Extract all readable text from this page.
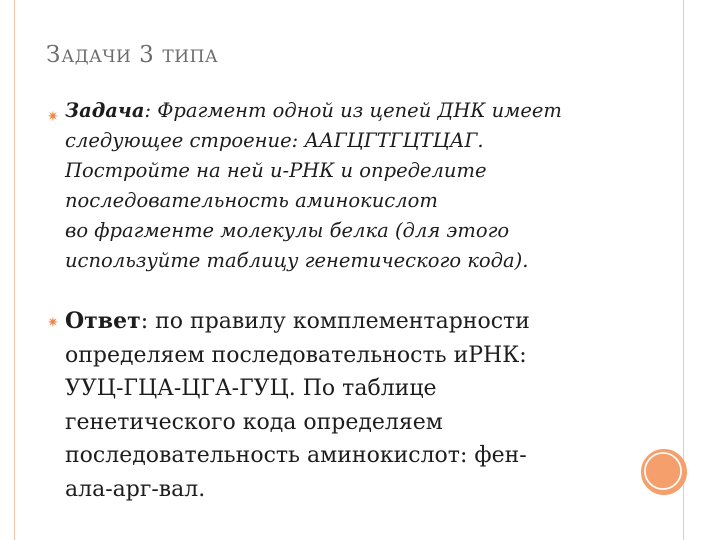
ЗАДАЧИ 3 ТИПА
✷ Задача: Фрагмент одной из цепей ДНК имеет
следующее строение: ААГЦГТГЦТЦАГ.
Постройте на ней и-РНК и определите
последовательность аминокислот
во фрагменте молекулы белка (для этого
используйте таблицу генетического кода).
✷ Ответ: по правилу комплементарности
определяем последовательность иРНК:
УУЦ-ГЦА-ЦГА-ГУЦ. По таблице
генетического кода определяем
последовательность аминокислот: фен-
ала-арг-вал.
